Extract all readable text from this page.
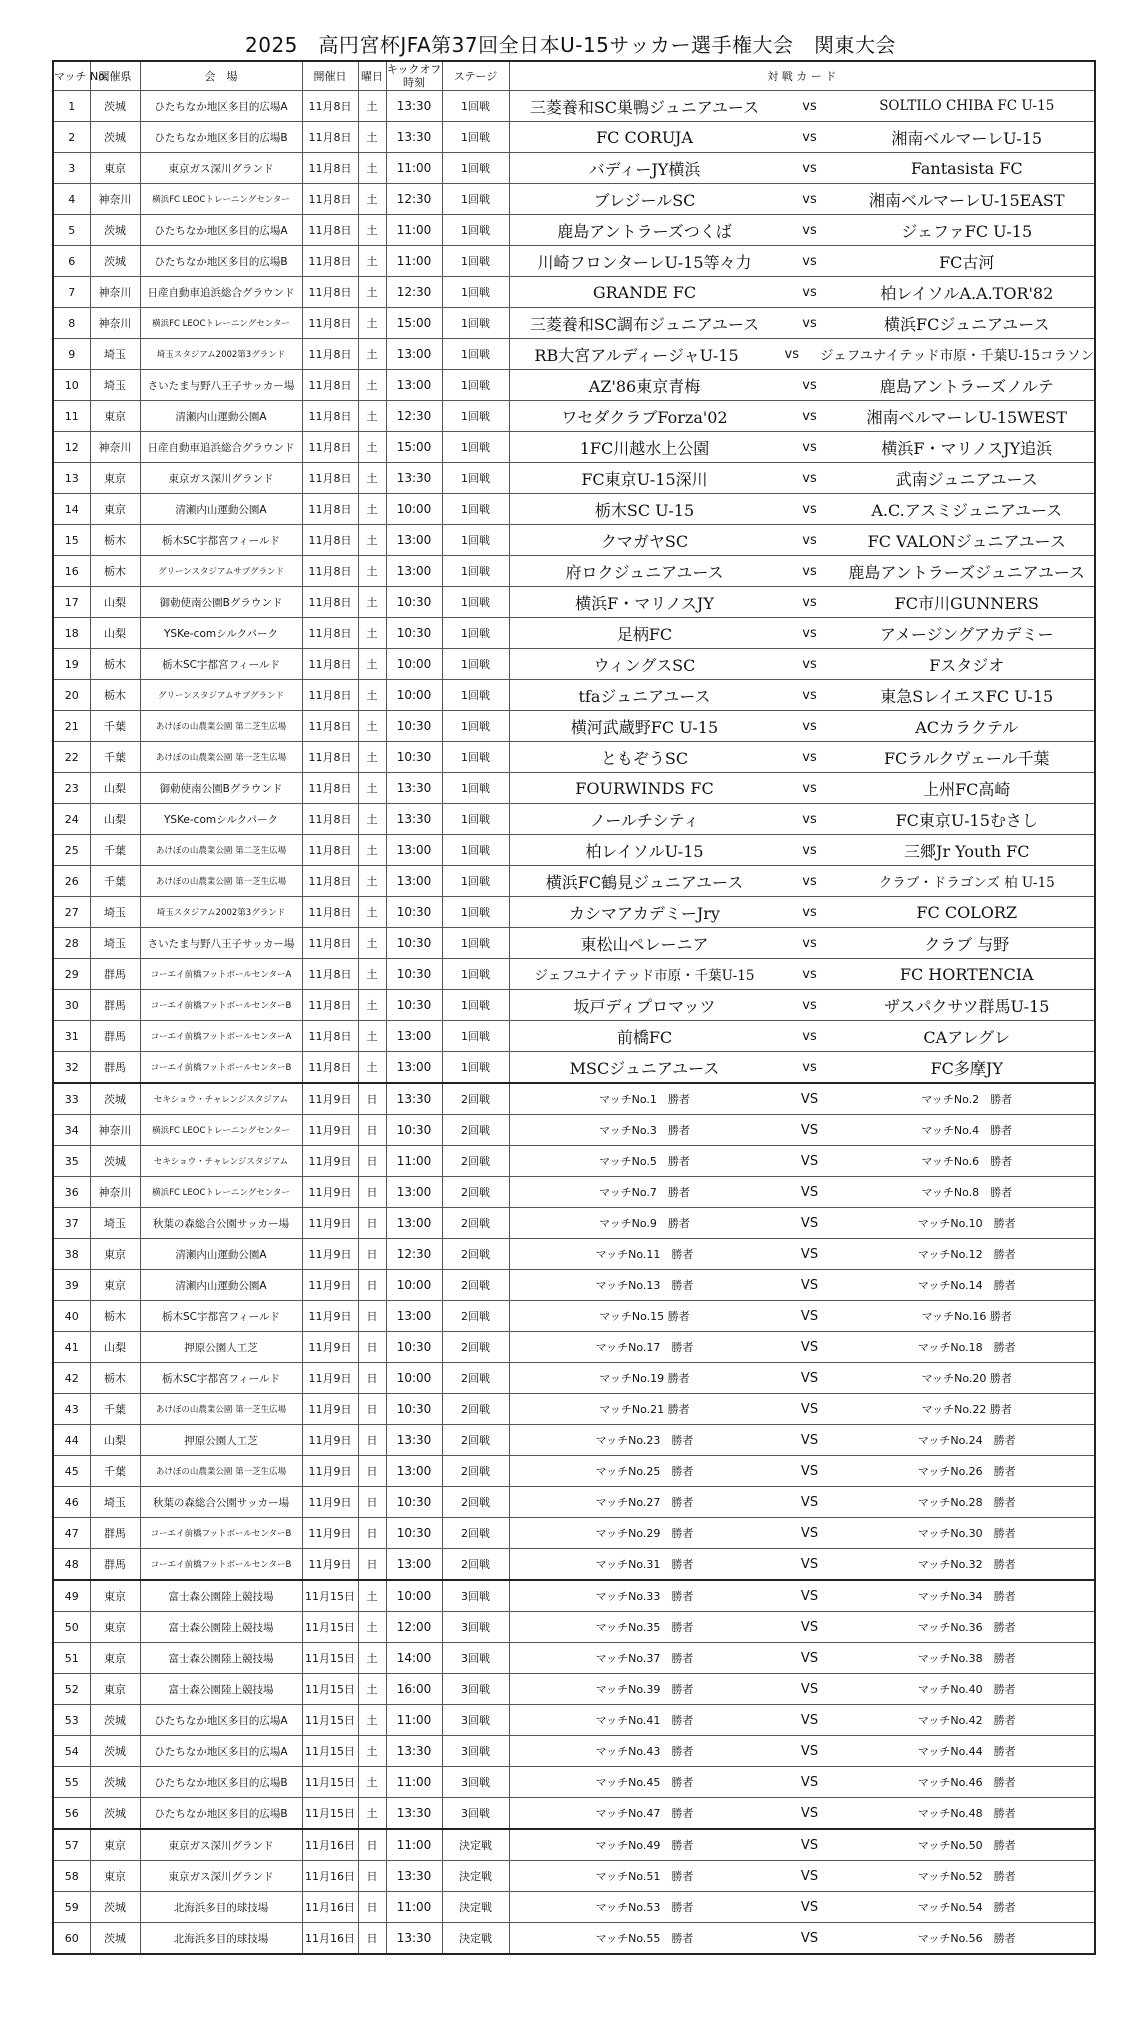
2025　高円宮杯JFA第37回全日本U-15サッカー選手権大会　関東大会
マッチ No.	開催県	会　場	開催日	曜日	キックオフ 時刻	ステージ	対 戦 カ ー ド
1	茨城	ひたちなか地区多目的広場A	11月8日	土	13:30	1回戦	三菱養和SC巣鴨ジュニアユース vs SOLTILO CHIBA FC U-15

2	茨城	ひたちなか地区多目的広場B	11月8日	土	13:30	1回戦	FC CORUJA vs 湘南ベルマーレU-15

3	東京	東京ガス深川グランド	11月8日	土	11:00	1回戦	バディーJY横浜 vs Fantasista FC

4	神奈川	横浜FC LEOCトレーニングセンター	11月8日	土	12:30	1回戦	ブレジールSC vs 湘南ベルマーレU-15EAST

5	茨城	ひたちなか地区多目的広場A	11月8日	土	11:00	1回戦	鹿島アントラーズつくば vs ジェファFC U-15

6	茨城	ひたちなか地区多目的広場B	11月8日	土	11:00	1回戦	川崎フロンターレU-15等々力 vs FC古河

7	神奈川	日産自動車追浜総合グラウンド	11月8日	土	12:30	1回戦	GRANDE FC vs 柏レイソルA.A.TOR'82

8	神奈川	横浜FC LEOCトレーニングセンター	11月8日	土	15:00	1回戦	三菱養和SC調布ジュニアユース vs 横浜FCジュニアユース

9	埼玉	埼玉スタジアム2002第3グランド	11月8日	土	13:00	1回戦	RB大宮アルディージャU-15 vs ジェフユナイテッド市原・千葉U-15コラソン

10	埼玉	さいたま与野八王子サッカー場	11月8日	土	13:00	1回戦	AZ'86東京青梅 vs 鹿島アントラーズノルテ

11	東京	清瀬内山運動公園A	11月8日	土	12:30	1回戦	ワセダクラブForza'02 vs 湘南ベルマーレU-15WEST

12	神奈川	日産自動車追浜総合グラウンド	11月8日	土	15:00	1回戦	1FC川越水上公園 vs 横浜F・マリノスJY追浜

13	東京	東京ガス深川グランド	11月8日	土	13:30	1回戦	FC東京U-15深川 vs 武南ジュニアユース

14	東京	清瀬内山運動公園A	11月8日	土	10:00	1回戦	栃木SC U-15 vs A.C.アスミジュニアユース

15	栃木	栃木SC宇都宮フィールド	11月8日	土	13:00	1回戦	クマガヤSC vs FC VALONジュニアユース

16	栃木	グリーンスタジアムサブグランド	11月8日	土	13:00	1回戦	府ロクジュニアユース vs 鹿島アントラーズジュニアユース

17	山梨	御勅使南公園Bグラウンド	11月8日	土	10:30	1回戦	横浜F・マリノスJY vs FC市川GUNNERS

18	山梨	YSKe-comシルクパーク	11月8日	土	10:30	1回戦	足柄FC vs アメージングアカデミー

19	栃木	栃木SC宇都宮フィールド	11月8日	土	10:00	1回戦	ウィングスSC vs Fスタジオ

20	栃木	グリーンスタジアムサブグランド	11月8日	土	10:00	1回戦	tfaジュニアユース vs 東急SレイエスFC U-15

21	千葉	あけぼの山農業公園 第二芝生広場	11月8日	土	10:30	1回戦	横河武蔵野FC U-15 vs ACカラクテル

22	千葉	あけぼの山農業公園 第一芝生広場	11月8日	土	10:30	1回戦	ともぞうSC vs FCラルクヴェール千葉

23	山梨	御勅使南公園Bグラウンド	11月8日	土	13:30	1回戦	FOURWINDS FC vs 上州FC高崎

24	山梨	YSKe-comシルクパーク	11月8日	土	13:30	1回戦	ノールチシティ vs FC東京U-15むさし

25	千葉	あけぼの山農業公園 第二芝生広場	11月8日	土	13:00	1回戦	柏レイソルU-15 vs 三郷Jr Youth FC

26	千葉	あけぼの山農業公園 第一芝生広場	11月8日	土	13:00	1回戦	横浜FC鶴見ジュニアユース vs クラブ・ドラゴンズ 柏 U-15

27	埼玉	埼玉スタジアム2002第3グランド	11月8日	土	10:30	1回戦	カシマアカデミーJry vs FC COLORZ

28	埼玉	さいたま与野八王子サッカー場	11月8日	土	10:30	1回戦	東松山ペレーニア vs クラブ 与野

29	群馬	コーエイ前橋フットボールセンターA	11月8日	土	10:30	1回戦	ジェフユナイテッド市原・千葉U-15 vs FC HORTENCIA

30	群馬	コーエイ前橋フットボールセンターB	11月8日	土	10:30	1回戦	坂戸ディプロマッツ vs ザスパクサツ群馬U-15

31	群馬	コーエイ前橋フットボールセンターA	11月8日	土	13:00	1回戦	前橋FC vs CAアレグレ

32	群馬	コーエイ前橋フットボールセンターB	11月8日	土	13:00	1回戦	MSCジュニアユース vs FC多摩JY

33	茨城	セキショウ・チャレンジスタジアム	11月9日	日	13:30	2回戦	マッチNo.1　勝者 VS マッチNo.2　勝者

34	神奈川	横浜FC LEOCトレーニングセンター	11月9日	日	10:30	2回戦	マッチNo.3　勝者 VS マッチNo.4　勝者

35	茨城	セキショウ・チャレンジスタジアム	11月9日	日	11:00	2回戦	マッチNo.5　勝者 VS マッチNo.6　勝者

36	神奈川	横浜FC LEOCトレーニングセンター	11月9日	日	13:00	2回戦	マッチNo.7　勝者 VS マッチNo.8　勝者

37	埼玉	秋葉の森総合公園サッカー場	11月9日	日	13:00	2回戦	マッチNo.9　勝者 VS マッチNo.10　勝者

38	東京	清瀬内山運動公園A	11月9日	日	12:30	2回戦	マッチNo.11　勝者 VS マッチNo.12　勝者

39	東京	清瀬内山運動公園A	11月9日	日	10:00	2回戦	マッチNo.13　勝者 VS マッチNo.14　勝者

40	栃木	栃木SC宇都宮フィールド	11月9日	日	13:00	2回戦	マッチNo.15 勝者 VS マッチNo.16 勝者

41	山梨	押原公園人工芝	11月9日	日	10:30	2回戦	マッチNo.17　勝者 VS マッチNo.18　勝者

42	栃木	栃木SC宇都宮フィールド	11月9日	日	10:00	2回戦	マッチNo.19 勝者 VS マッチNo.20 勝者

43	千葉	あけぼの山農業公園 第一芝生広場	11月9日	日	10:30	2回戦	マッチNo.21 勝者 VS マッチNo.22 勝者

44	山梨	押原公園人工芝	11月9日	日	13:30	2回戦	マッチNo.23　勝者 VS マッチNo.24　勝者

45	千葉	あけぼの山農業公園 第一芝生広場	11月9日	日	13:00	2回戦	マッチNo.25　勝者 VS マッチNo.26　勝者

46	埼玉	秋葉の森総合公園サッカー場	11月9日	日	10:30	2回戦	マッチNo.27　勝者 VS マッチNo.28　勝者

47	群馬	コーエイ前橋フットボールセンターB	11月9日	日	10:30	2回戦	マッチNo.29　勝者 VS マッチNo.30　勝者

48	群馬	コーエイ前橋フットボールセンターB	11月9日	日	13:00	2回戦	マッチNo.31　勝者 VS マッチNo.32　勝者

49	東京	富士森公園陸上競技場	11月15日	土	10:00	3回戦	マッチNo.33　勝者 VS マッチNo.34　勝者

50	東京	富士森公園陸上競技場	11月15日	土	12:00	3回戦	マッチNo.35　勝者 VS マッチNo.36　勝者

51	東京	富士森公園陸上競技場	11月15日	土	14:00	3回戦	マッチNo.37　勝者 VS マッチNo.38　勝者

52	東京	富士森公園陸上競技場	11月15日	土	16:00	3回戦	マッチNo.39　勝者 VS マッチNo.40　勝者

53	茨城	ひたちなか地区多目的広場A	11月15日	土	11:00	3回戦	マッチNo.41　勝者 VS マッチNo.42　勝者

54	茨城	ひたちなか地区多目的広場A	11月15日	土	13:30	3回戦	マッチNo.43　勝者 VS マッチNo.44　勝者

55	茨城	ひたちなか地区多目的広場B	11月15日	土	11:00	3回戦	マッチNo.45　勝者 VS マッチNo.46　勝者

56	茨城	ひたちなか地区多目的広場B	11月15日	土	13:30	3回戦	マッチNo.47　勝者 VS マッチNo.48　勝者

57	東京	東京ガス深川グランド	11月16日	日	11:00	決定戦	マッチNo.49　勝者 VS マッチNo.50　勝者

58	東京	東京ガス深川グランド	11月16日	日	13:30	決定戦	マッチNo.51　勝者 VS マッチNo.52　勝者

59	茨城	北海浜多目的球技場	11月16日	日	11:00	決定戦	マッチNo.53　勝者 VS マッチNo.54　勝者

60	茨城	北海浜多目的球技場	11月16日	日	13:30	決定戦	マッチNo.55　勝者 VS マッチNo.56　勝者
